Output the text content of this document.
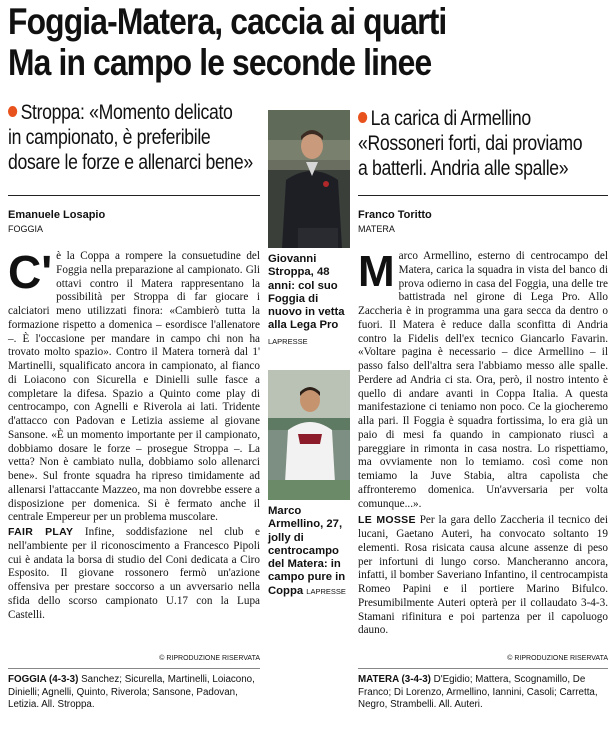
Foggia-Matera, caccia ai quarti
Ma in campo le seconde linee
Stroppa: «Momento delicato
in campionato, è preferibile
dosare le forze e allenarci bene»
La carica di Armellino
«Rossoneri forti, dai proviamo
a batterli. Andria alle spalle»
Emanuele Losapio
FOGGIA
Franco Toritto
MATERA

C' è la Coppa a rompere la consuetudine del Foggia nella preparazione al campionato. Gli ottavi contro il Matera rappresentano la possibilità per Stroppa di far giocare i calciatori meno utilizzati finora: «Cambierò tutta la formazione rispetto a domenica – esordisce l'allenatore –. È l'occasione per mandare in campo chi non ha trovato molto spazio». Contro il Matera tornerà dal 1' Martinelli, squalificato ancora in campionato, al fianco di Loiacono con Sicurella e Dinielli sulle fasce a completare la difesa. Spazio a Quinto come play di centrocampo, con Agnelli e Riverola ai lati. Tridente d'attacco con Padovan e Letizia assieme al giovane Sansone. «È un momento importante per il campionato, dobbiamo dosare le forze – prosegue Stroppa –. La vetta? Non è cambiato nulla, dobbiamo solo allenarci bene». Sul fronte squadra ha ripreso timidamente ad allenarsi l'attaccante Mazzeo, ma non dovrebbe essere a disposizione per domenica. Si è fermato anche il centrale Empereur per un problema muscolare.

FAIR PLAY Infine, soddisfazione nel club e nell'ambiente per il riconoscimento a Francesco Pipoli cui è andata la borsa di studio del Coni dedicata a Ciro Esposito. Il giovane rossonero fermò un'azione offensiva per prestare soccorso a un avversario nella sfida dello scorso campionato U.17 con la Lupa Castelli.

© RIPRODUZIONE RISERVATA
FOGGIA (4-3-3) Sanchez; Sicurella, Martinelli, Loiacono, Dinielli; Agnelli, Quinto, Riverola; Sansone, Padovan, Letizia. All. Stroppa.

Marco Armellino, esterno di centrocampo del Matera, carica la squadra in vista del banco di prova odierno in casa del Foggia, una delle tre battistrada nel girone di Lega Pro. Allo Zaccheria è in programma una gara secca da dentro o fuori. Il Matera è reduce dalla sconfitta di Andria contro la Fidelis dell'ex tecnico Giancarlo Favarin. «Voltare pagina è necessario – dice Armellino – il passo falso dell'altra sera l'abbiamo messo alle spalle. Perdere ad Andria ci sta. Ora, però, il nostro intento è quello di andare avanti in Coppa Italia. A questa manifestazione ci teniamo non poco. Ce la giocheremo alla pari. Il Foggia è squadra fortissima, lo era già un paio di mesi fa quando in campionato riuscì a pareggiare in rimonta in casa nostra. Lo rispettiamo, ma ovviamente non lo temiamo. così come non temiamo la Juve Stabia, altra capolista che affronteremo domenica. Un'avversaria per volta comunque...».

LE MOSSE Per la gara dello Zaccheria il tecnico dei lucani, Gaetano Auteri, ha convocato soltanto 19 elementi. Rosa risicata causa alcune assenze di peso per infortuni di lungo corso. Mancheranno ancora, infatti, il bomber Saveriano Infantino, il centrocampista Romeo Papini e il portiere Marino Bifulco. Presumibilmente Auteri opterà per il collaudato 3-4-3. Stamani rifinitura e poi partenza per il capoluogo dauno.

© RIPRODUZIONE RISERVATA
MATERA (3-4-3) D'Egidio; Mattera, Scognamillo, De Franco; Di Lorenzo, Armellino, Iannini, Casoli; Carretta, Negro, Strambelli. All. Auteri.
Giovanni Stroppa, 48 anni: col suo Foggia di nuovo in vetta alla Lega Pro
LAPRESSE
Marco Armellino, 27, jolly di centrocampo del Matera: in campo pure in Coppa LAPRESSE
